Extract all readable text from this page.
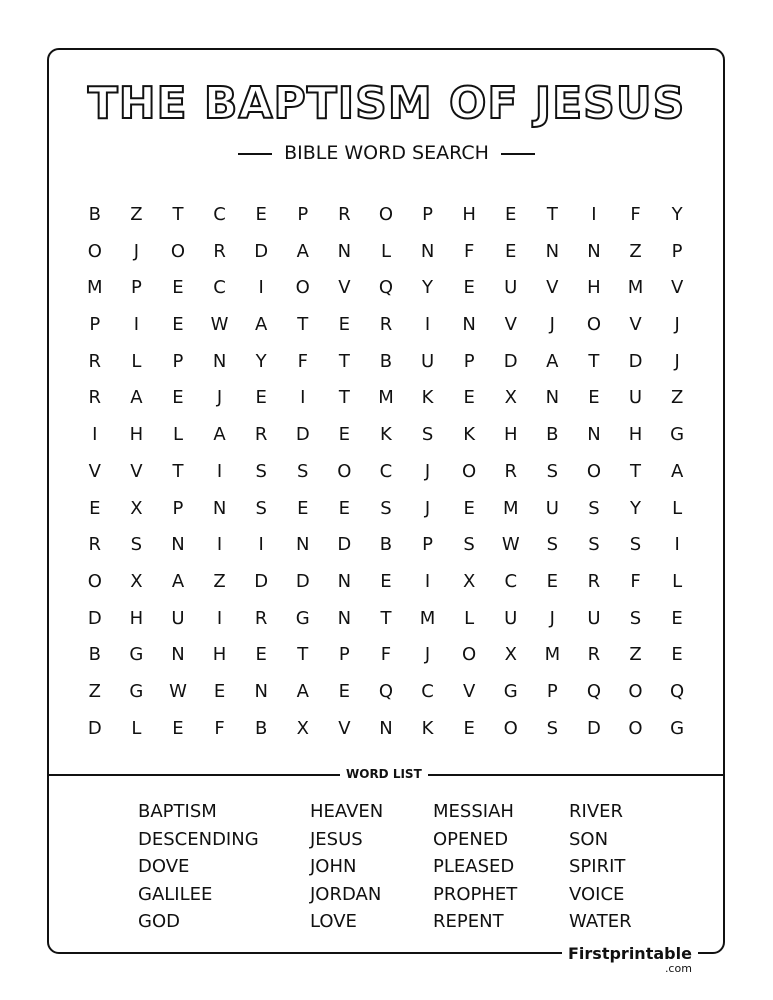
THE BAPTISM OF JESUS
BIBLE WORD SEARCH
B	Z	T	C	E	P	R	O	P	H	E	T	I	F	Y
O	J	O	R	D	A	N	L	N	F	E	N	N	Z	P
M	P	E	C	I	O	V	Q	Y	E	U	V	H	M	V
P	I	E	W	A	T	E	R	I	N	V	J	O	V	J
R	L	P	N	Y	F	T	B	U	P	D	A	T	D	J
R	A	E	J	E	I	T	M	K	E	X	N	E	U	Z
I	H	L	A	R	D	E	K	S	K	H	B	N	H	G
V	V	T	I	S	S	O	C	J	O	R	S	O	T	A
E	X	P	N	S	E	E	S	J	E	M	U	S	Y	L
R	S	N	I	I	N	D	B	P	S	W	S	S	S	I
O	X	A	Z	D	D	N	E	I	X	C	E	R	F	L
D	H	U	I	R	G	N	T	M	L	U	J	U	S	E
B	G	N	H	E	T	P	F	J	O	X	M	R	Z	E
Z	G	W	E	N	A	E	Q	C	V	G	P	Q	O	Q
D	L	E	F	B	X	V	N	K	E	O	S	D	O	G
WORD LIST
BAPTISM
DESCENDING
DOVE
GALILEE
GOD
HEAVEN
JESUS
JOHN
JORDAN
LOVE
MESSIAH
OPENED
PLEASED
PROPHET
REPENT
RIVER
SON
SPIRIT
VOICE
WATER
Firstprintable
.com
